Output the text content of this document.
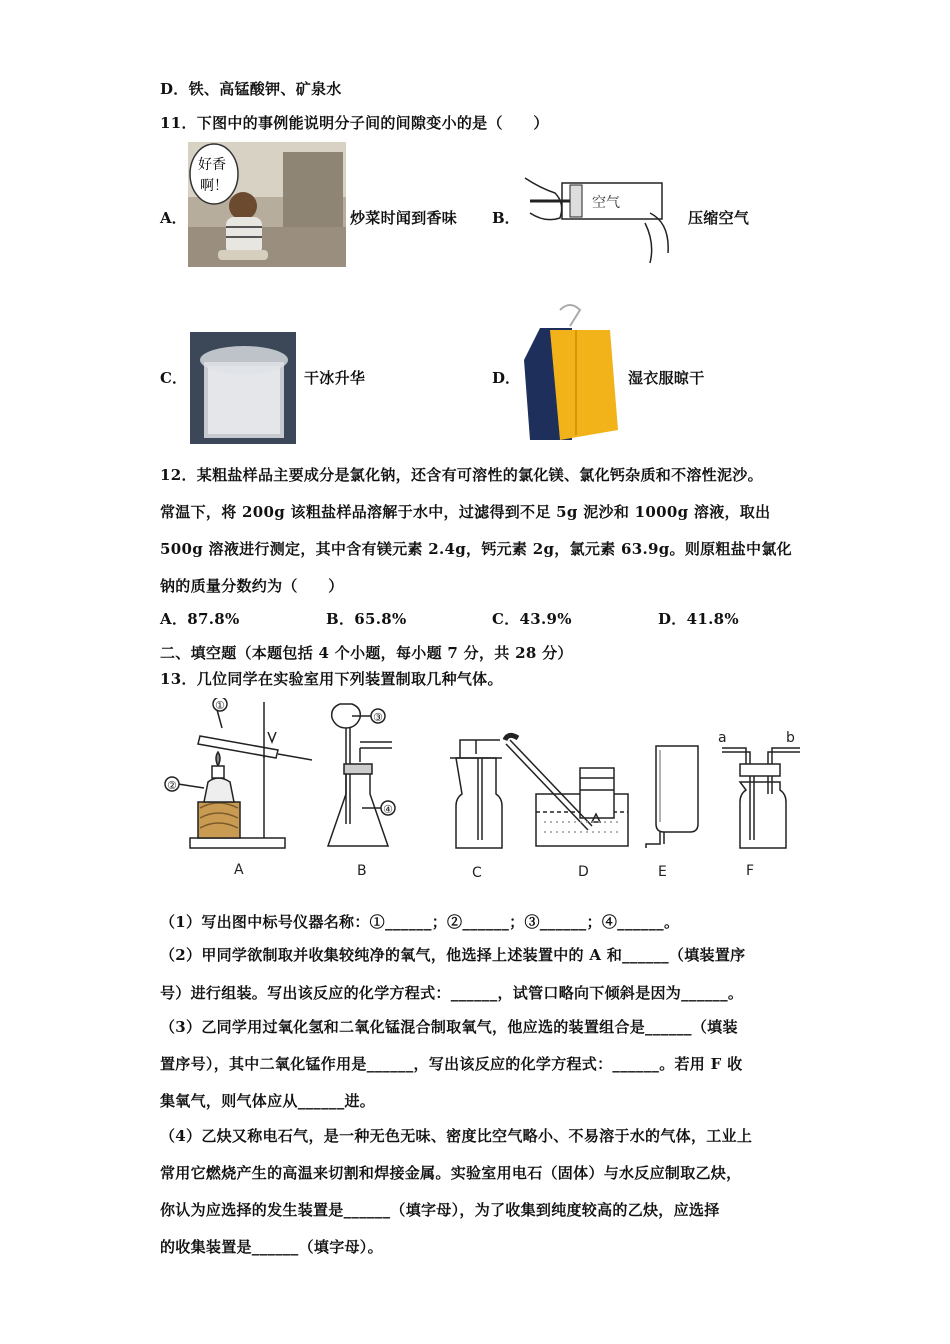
D．铁、高锰酸钾、矿泉水
11．下图中的事例能说明分子间的间隙变小的是（　　）
A．
好香
啊！
炒菜时闻到香味 B．
空气
压缩空气
C．	干冰升华	D．	湿衣服晾干
12．某粗盐样品主要成分是氯化钠，还含有可溶性的氯化镁、氯化钙杂质和不溶性泥沙。
常温下，将 200g 该粗盐样品溶解于水中，过滤得到不足 5g 泥沙和 1000g 溶液，取出
500g 溶液进行测定，其中含有镁元素 2.4g，钙元素 2g，氯元素 63.9g。则原粗盐中氯化
钠的质量分数约为（　　）
A．87.8%	B．65.8%	C．43.9%	D．41.8%
二、填空题（本题包括 4 个小题，每小题 7 分，共 28 分）
13．几位同学在实验室用下列装置制取几种气体。
①
②
A
③
④
B	C	D	E
a	b
F
（1）写出图中标号仪器名称：①______；②______；③______；④______。
（2）甲同学欲制取并收集较纯净的氧气，他选择上述装置中的 A 和______（填装置序
号）进行组装。写出该反应的化学方程式：______，试管口略向下倾斜是因为______。
（3）乙同学用过氧化氢和二氧化锰混合制取氧气，他应选的装置组合是______（填装
置序号），其中二氧化锰作用是______，写出该反应的化学方程式：______。若用 F 收
集氧气，则气体应从______进。
（4）乙炔又称电石气，是一种无色无味、密度比空气略小、不易溶于水的气体，工业上
常用它燃烧产生的高温来切割和焊接金属。实验室用电石（固体）与水反应制取乙炔，
你认为应选择的发生装置是______（填字母），为了收集到纯度较高的乙炔，应选择
的收集装置是______（填字母）。
